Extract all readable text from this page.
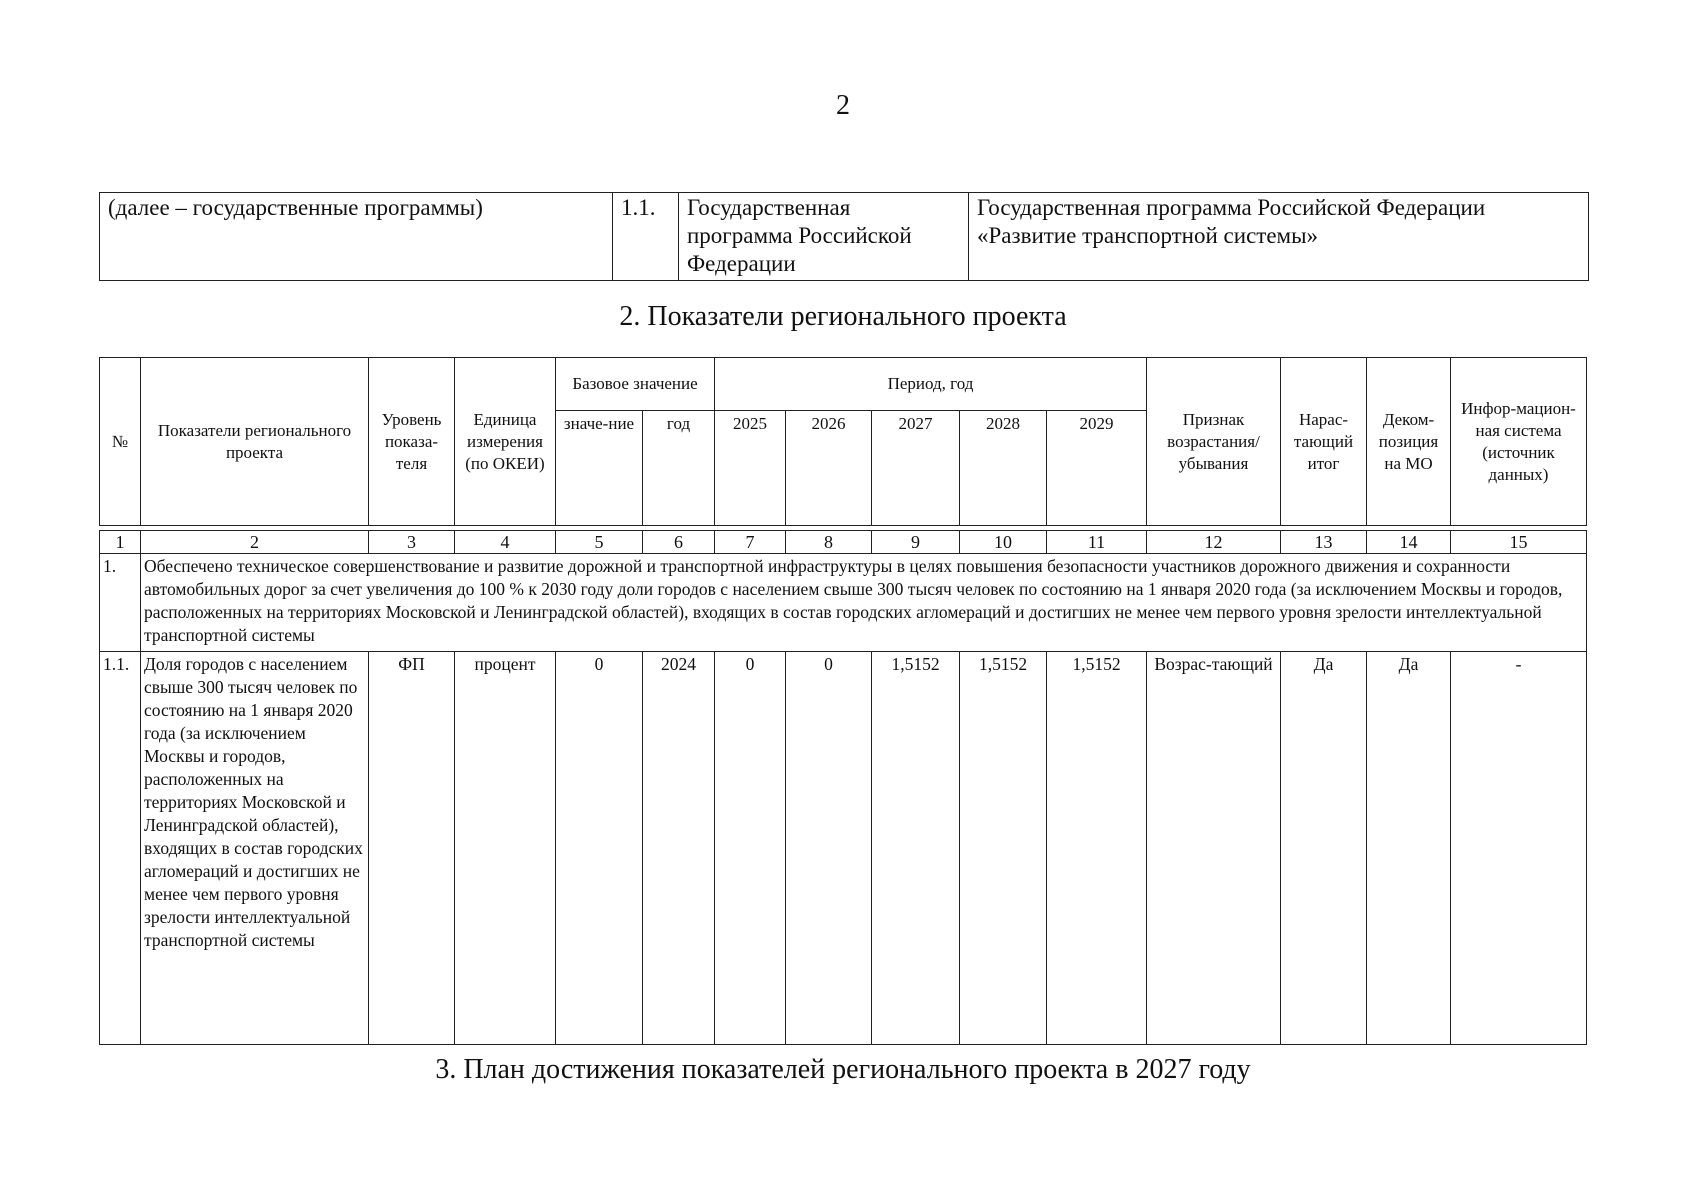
2
(далее – государственные программы)	1.1.	Государственная программа Российской Федерации	Государственная программа Российской Федерации «Развитие транспортной системы»
2. Показатели регионального проекта
№	Показатели регионального проекта	Уровень показа-теля	Единица измерения (по ОКЕИ)	Базовое значение		Период, год					Признак возрастания/ убывания	Нарас-тающий итог	Деком-позиция на МО	Инфор-мацион-ная система (источник данных)
				значе-ние	год	2025	2026	2027	2028	2029				

1	2	3	4	5	6	7	8	9	10	11	12	13	14	15
1.	Обеспечено техническое совершенствование и развитие дорожной и транспортной инфраструктуры в целях повышения безопасности участников дорожного движения и сохранности автомобильных дорог за счет увеличения до 100 % к 2030 году доли городов с населением свыше 300 тысяч человек по состоянию на 1 января 2020 года (за исключением Москвы и городов, расположенных на территориях Московской и Ленинградской областей), входящих в состав городских агломераций и достигших не менее чем первого уровня зрелости интеллектуальной транспортной системы													
1.1.	Доля городов с населением свыше 300 тысяч человек по состоянию на 1 января 2020 года (за исключением Москвы и городов, расположенных на территориях Московской и Ленинградской областей), входящих в состав городских агломераций и достигших не менее чем первого уровня зрелости интеллектуальной транспортной системы	ФП	процент	0	2024	0	0	1,5152	1,5152	1,5152	Возрас-тающий	Да	Да	-
3. План достижения показателей регионального проекта в 2027 году
